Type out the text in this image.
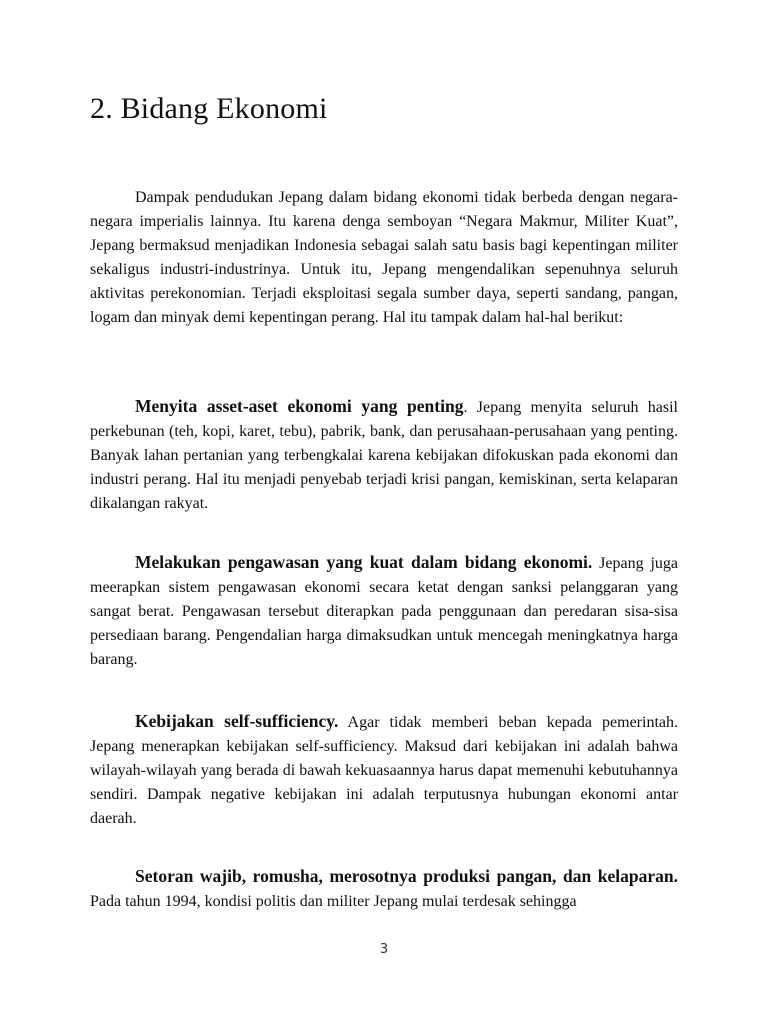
2. Bidang Ekonomi

Dampak pendudukan Jepang dalam bidang ekonomi tidak berbeda dengan negara-negara imperialis lainnya. Itu karena denga semboyan “Negara Makmur, Militer Kuat”, Jepang bermaksud menjadikan Indonesia sebagai salah satu basis bagi kepentingan militer sekaligus industri-industrinya. Untuk itu, Jepang mengendalikan sepenuhnya seluruh aktivitas perekonomian. Terjadi eksploitasi segala sumber daya, seperti sandang, pangan, logam dan minyak demi kepentingan perang. Hal itu tampak dalam hal-hal berikut:

Menyita asset-aset ekonomi yang penting. Jepang menyita seluruh hasil perkebunan (teh, kopi, karet, tebu), pabrik, bank, dan perusahaan-perusahaan yang penting. Banyak lahan pertanian yang terbengkalai karena kebijakan difokuskan pada ekonomi dan industri perang. Hal itu menjadi penyebab terjadi krisi pangan, kemiskinan, serta kelaparan dikalangan rakyat.

Melakukan pengawasan yang kuat dalam bidang ekonomi. Jepang juga meerapkan sistem pengawasan ekonomi secara ketat dengan sanksi pelanggaran yang sangat berat. Pengawasan tersebut diterapkan pada penggunaan dan peredaran sisa-sisa persediaan barang. Pengendalian harga dimaksudkan untuk mencegah meningkatnya harga barang.

Kebijakan self-sufficiency. Agar tidak memberi beban kepada pemerintah. Jepang menerapkan kebijakan self-sufficiency. Maksud dari kebijakan ini adalah bahwa wilayah-wilayah yang berada di bawah kekuasaannya harus dapat memenuhi kebutuhannya sendiri. Dampak negative kebijakan ini adalah terputusnya hubungan ekonomi antar daerah.

Setoran wajib, romusha, merosotnya produksi pangan, dan kelaparan. Pada tahun 1994, kondisi politis dan militer Jepang mulai terdesak sehingga

3
